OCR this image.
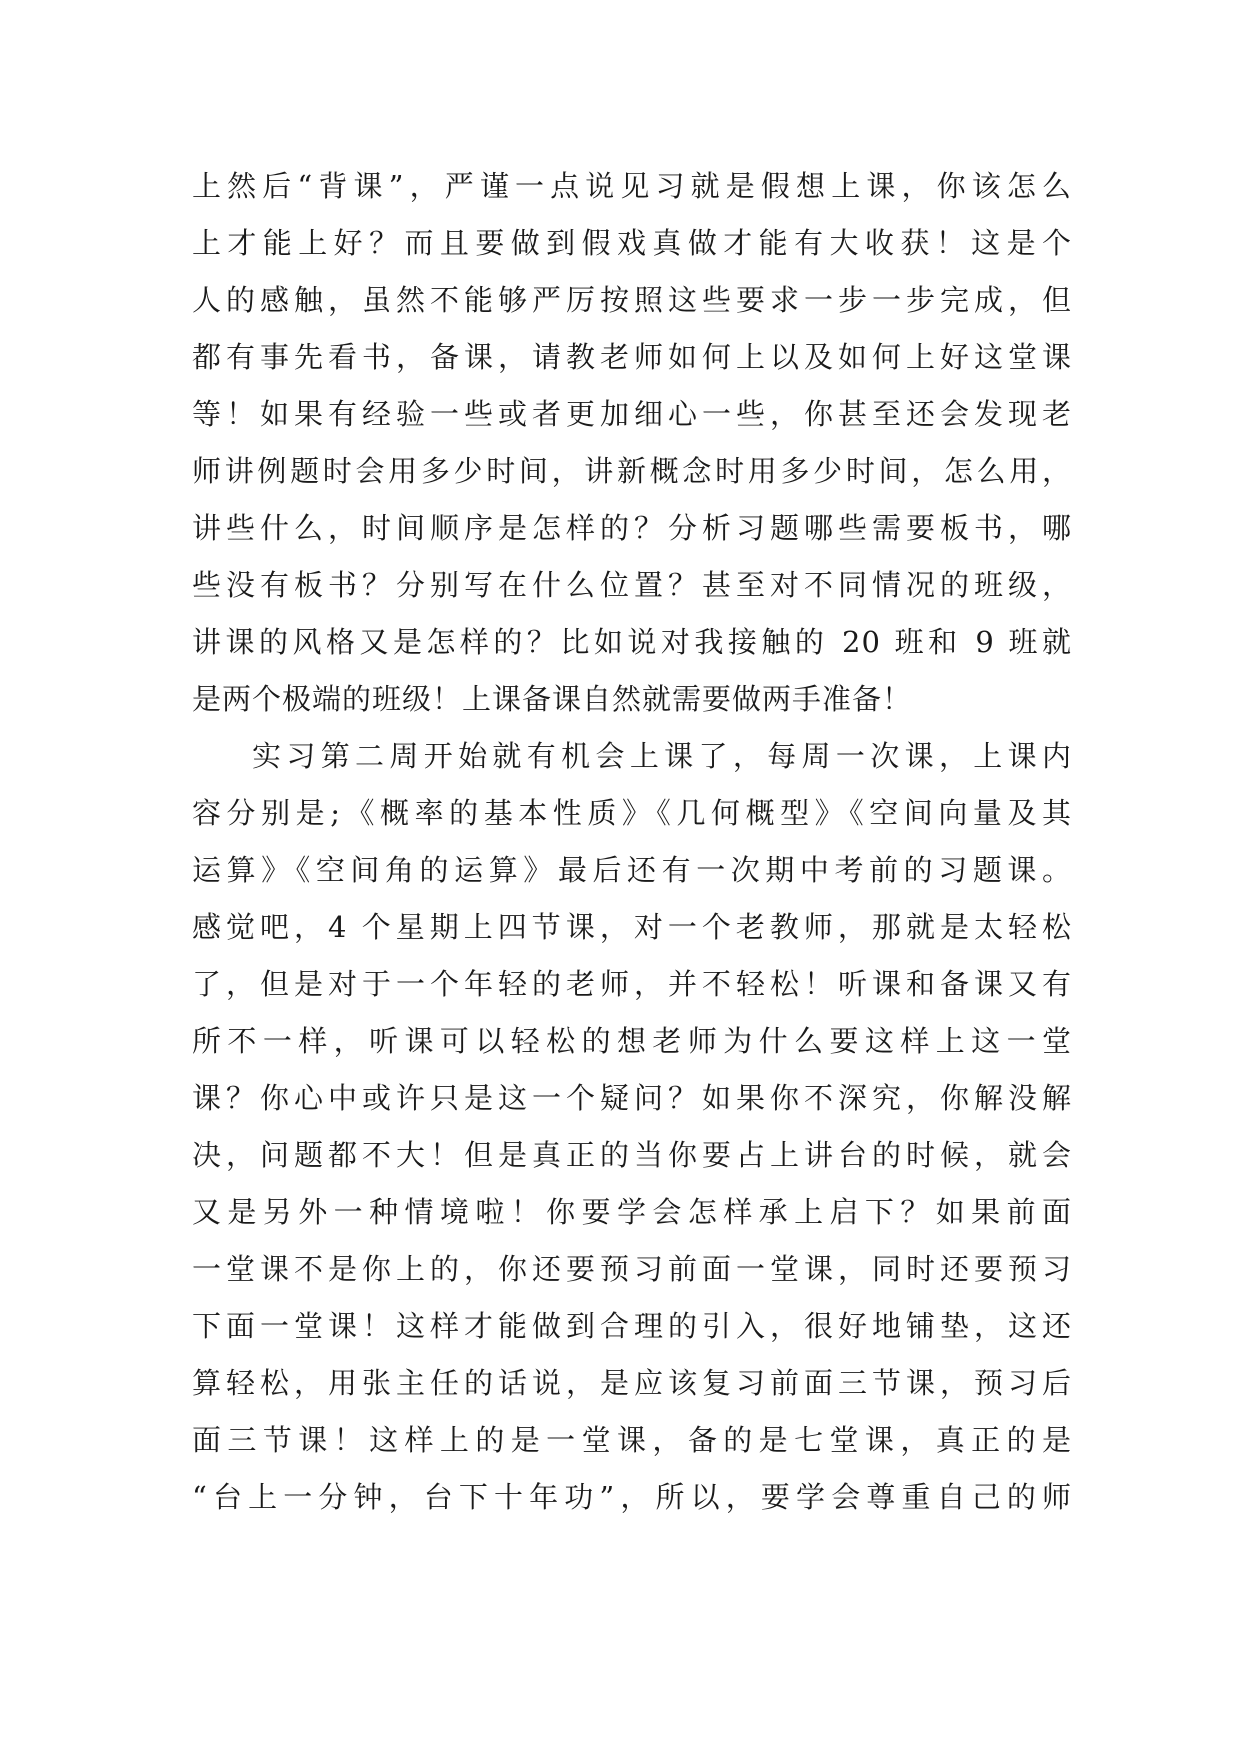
上然后“背课”，严谨一点说见习就是假想上课，你该怎么
上才能上好？而且要做到假戏真做才能有大收获！这是个
人的感触，虽然不能够严厉按照这些要求一步一步完成，但
都有事先看书，备课，请教老师如何上以及如何上好这堂课
等！如果有经验一些或者更加细心一些，你甚至还会发现老
师讲例题时会用多少时间，讲新概念时用多少时间，怎么用，
讲些什么，时间顺序是怎样的？分析习题哪些需要板书，哪
些没有板书？分别写在什么位置？甚至对不同情况的班级，
讲课的风格又是怎样的？比如说对我接触的 20 班和 9 班就
是两个极端的班级！上课备课自然就需要做两手准备！
实习第二周开始就有机会上课了，每周一次课，上课内
容分别是;《概率的基本性质》《几何概型》《空间向量及其
运算》《空间角的运算》最后还有一次期中考前的习题课。
感觉吧，4 个星期上四节课，对一个老教师，那就是太轻松
了，但是对于一个年轻的老师，并不轻松！听课和备课又有
所不一样，听课可以轻松的想老师为什么要这样上这一堂
课？你心中或许只是这一个疑问？如果你不深究，你解没解
决，问题都不大！但是真正的当你要占上讲台的时候，就会
又是另外一种情境啦！你要学会怎样承上启下？如果前面
一堂课不是你上的，你还要预习前面一堂课，同时还要预习
下面一堂课！这样才能做到合理的引入，很好地铺垫，这还
算轻松，用张主任的话说，是应该复习前面三节课，预习后
面三节课！这样上的是一堂课，备的是七堂课，真正的是
“台上一分钟，台下十年功”，所以，要学会尊重自己的师
